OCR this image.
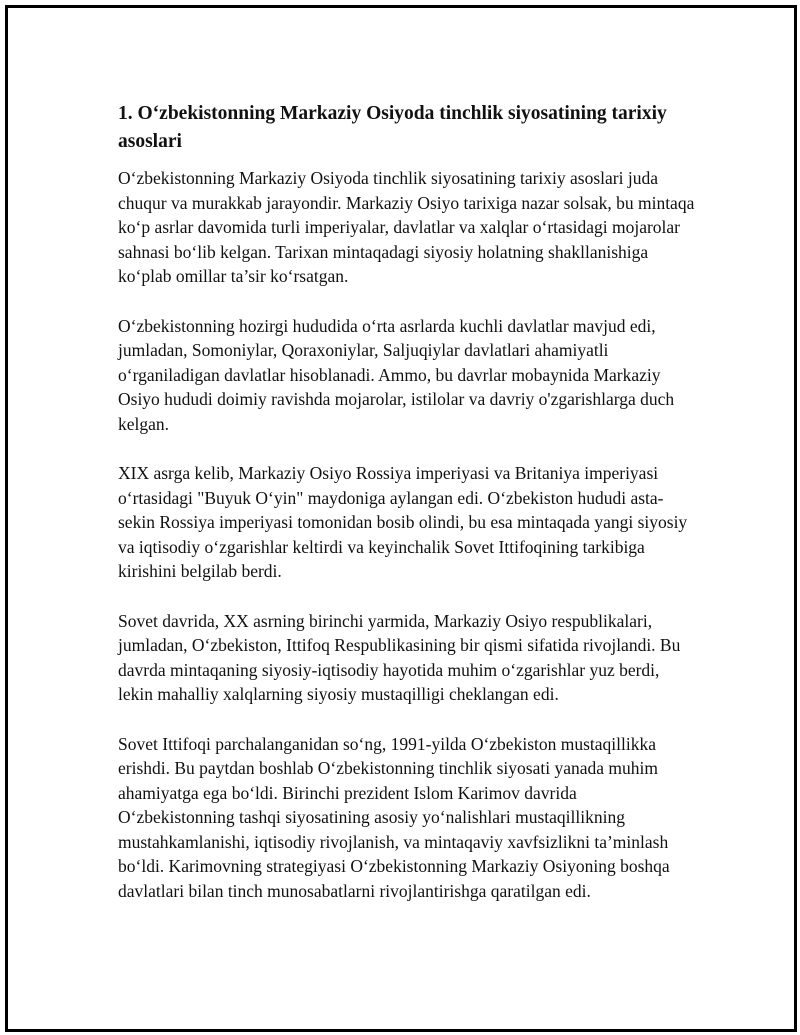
1. O‘zbekistonning Markaziy Osiyoda tinchlik siyosatining tarixiy asoslari

O‘zbekistonning Markaziy Osiyoda tinchlik siyosatining tarixiy asoslari juda chuqur va murakkab jarayondir. Markaziy Osiyo tarixiga nazar solsak, bu mintaqa ko‘p asrlar davomida turli imperiyalar, davlatlar va xalqlar o‘rtasidagi mojarolar sahnasi bo‘lib kelgan. Tarixan mintaqadagi siyosiy holatning shakllanishiga ko‘plab omillar ta’sir ko‘rsatgan.

O‘zbekistonning hozirgi hududida o‘rta asrlarda kuchli davlatlar mavjud edi, jumladan, Somoniylar, Qoraxoniylar, Saljuqiylar davlatlari ahamiyatli o‘rganiladigan davlatlar hisoblanadi. Ammo, bu davrlar mobaynida Markaziy Osiyo hududi doimiy ravishda mojarolar, istilolar va davriy o'zgarishlarga duch kelgan.

XIX asrga kelib, Markaziy Osiyo Rossiya imperiyasi va Britaniya imperiyasi o‘rtasidagi "Buyuk O‘yin" maydoniga aylangan edi. O‘zbekiston hududi asta-sekin Rossiya imperiyasi tomonidan bosib olindi, bu esa mintaqada yangi siyosiy va iqtisodiy o‘zgarishlar keltirdi va keyinchalik Sovet Ittifoqining tarkibiga kirishini belgilab berdi.

Sovet davrida, XX asrning birinchi yarmida, Markaziy Osiyo respublikalari, jumladan, O‘zbekiston, Ittifoq Respublikasining bir qismi sifatida rivojlandi. Bu davrda mintaqaning siyosiy-iqtisodiy hayotida muhim o‘zgarishlar yuz berdi, lekin mahalliy xalqlarning siyosiy mustaqilligi cheklangan edi.

Sovet Ittifoqi parchalanganidan so‘ng, 1991-yilda O‘zbekiston mustaqillikka erishdi. Bu paytdan boshlab O‘zbekistonning tinchlik siyosati yanada muhim ahamiyatga ega bo‘ldi. Birinchi prezident Islom Karimov davrida O‘zbekistonning tashqi siyosatining asosiy yo‘nalishlari mustaqillikning mustahkamlanishi, iqtisodiy rivojlanish, va mintaqaviy xavfsizlikni ta’minlash bo‘ldi. Karimovning strategiyasi O‘zbekistonning Markaziy Osiyoning boshqa davlatlari bilan tinch munosabatlarni rivojlantirishga qaratilgan edi.
